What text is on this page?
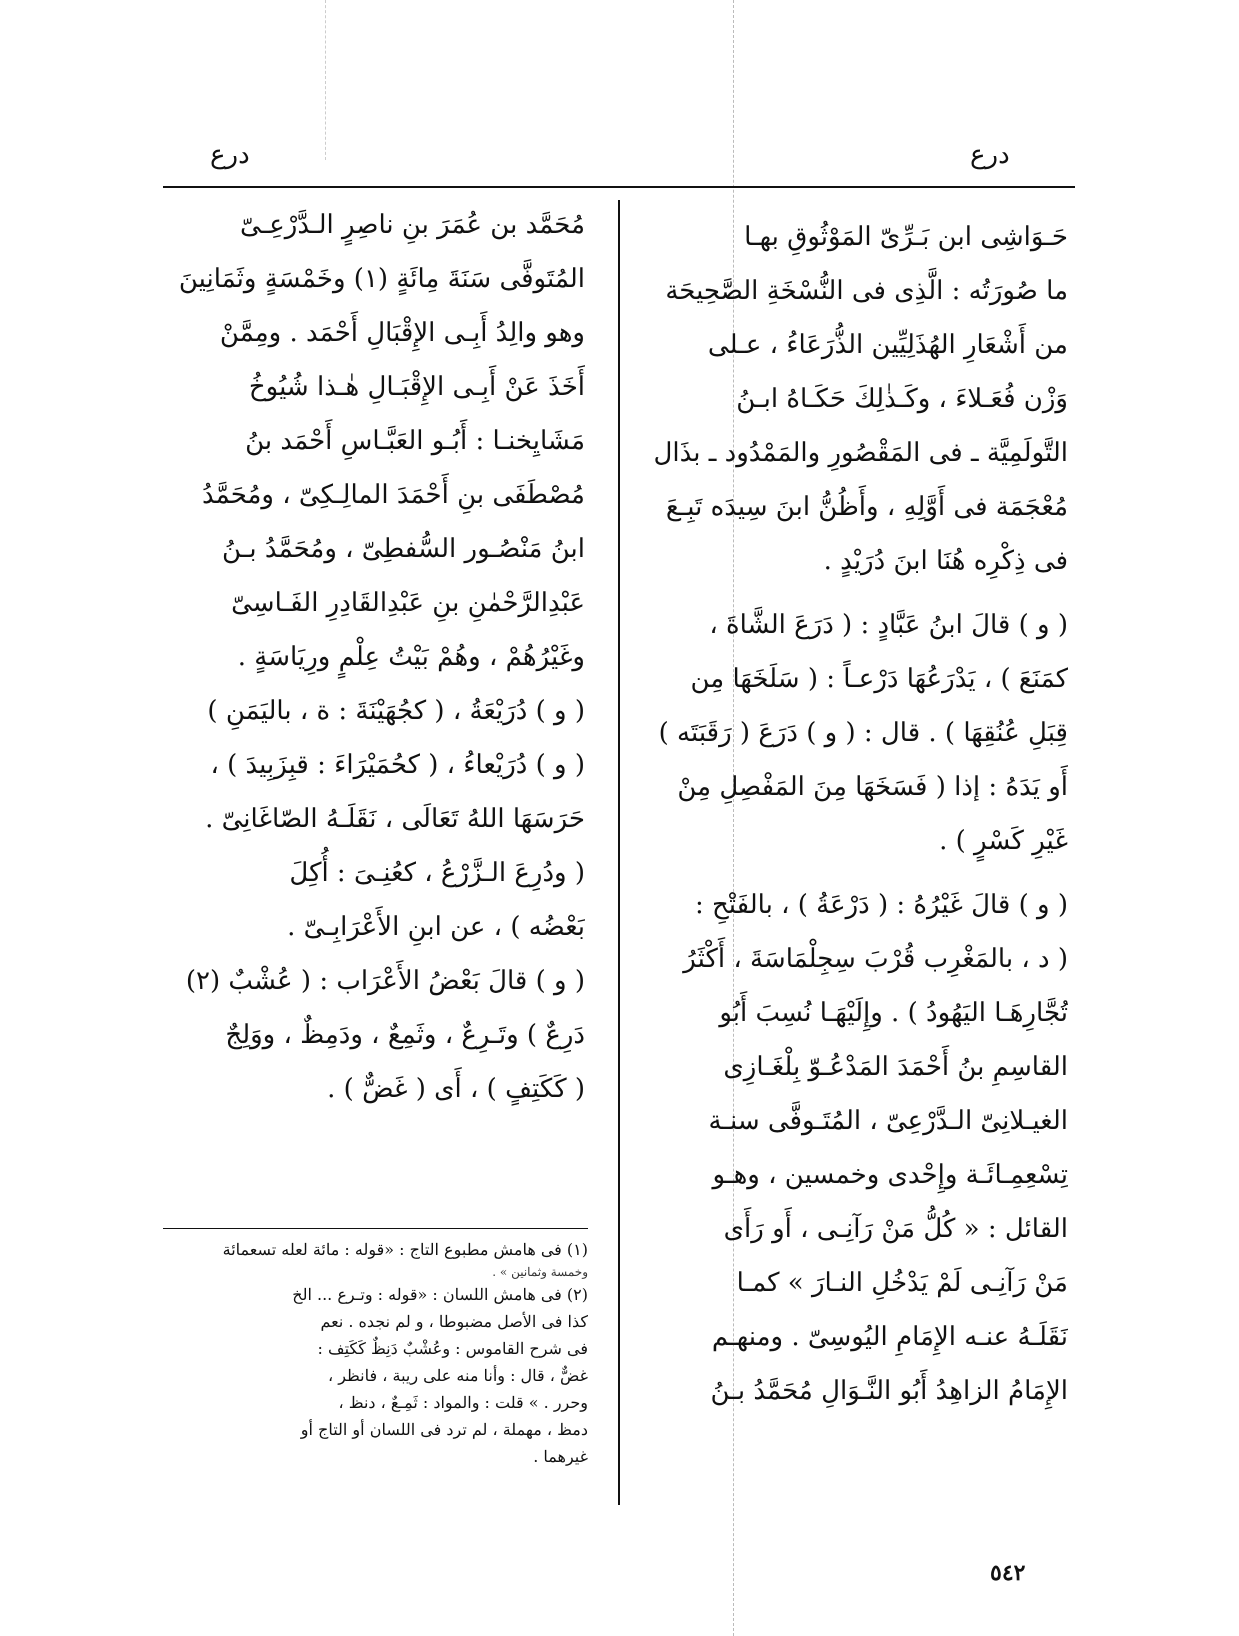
درع	درع
حَـوَاشِى ابن بَـرِّىّ المَوْثُوقِ بهـا
ما صُورَتُه : الَّذِى فى النُّسْخَةِ الصَّحِيحَة
من أَشْعَارِ الهُذَلِيِّين الذُّرَعَاءُ ، عـلى
وَزْن فُعَـلاءَ ، وكَـذٰلِكَ حَكَـاهُ ابـنُ
التَّولَمِيَّة ـ فى المَقْصُورِ والمَمْدُود ـ بذَال
مُعْجَمَة فى أَوَّلِهِ ، وأَظُنُّ ابنَ سِيدَه تَبِـعَ
فى ذِكْرِه هُنَا ابنَ دُرَيْدٍ .
( و ) قالَ ابنُ عَبَّادٍ : ( دَرَعَ الشَّاةَ ،
كمَنَعَ ) ، يَدْرَعُهَا دَرْعـاً : ( سَلَخَهَا مِن
قِبَلِ عُنُقِهَا ) . قال : ( و ) دَرَعَ ( رَقَبَتَه )
أَو يَدَهُ : إذا ( فَسَخَهَا مِنَ المَفْصِلِ مِنْ
غَيْرِ كَسْرٍ ) .
( و ) قالَ غَيْرُهُ : ( دَرْعَةُ ) ، بالفَتْحِ :
( د ، بالمَغْرِب قُرْبَ سِجِلْمَاسَةَ ، أَكْثَرُ
تُجَّارِهَـا اليَهُودُ ) . وإِلَيْهَـا نُسِبَ أَبُو
القاسِمِ بنُ أَحْمَدَ المَدْعُـوّ بِلْغَـازِى
الغيـلانِىّ الـدَّرْعِىّ ، المُتَـوفَّى سنـة
تِسْعِمِـائَـة وإِحْدى وخمسين ، وهـو
القائل : « كُلُّ مَنْ رَآنِـى ، أَو رَأَى
مَنْ رَآنِـى لَمْ يَدْخُلِ النـارَ » كمـا
نَقَلَـهُ عنـه الإِمَامِ اليُوسِىّ . ومنهـم
الإِمَامُ الزاهِدُ أَبُو النَّـوَالِ مُحَمَّدُ بـنُ
مُحَمَّد بن عُمَرَ بنِ ناصِرٍ الـدَّرْعِـىّ
المُتَوفَّى سَنَةَ مِائَةٍ (١) وخَمْسَةٍ وثَمَانِينَ
وهو والِدُ أَبِـى الإِقْبَالِ أَحْمَد . ومِمَّنْ
أَخَذَ عَنْ أَبِـى الإِقْبَـالِ هٰـذا شُيُوخُ
مَشَايِخنـا : أَبُـو العَبَّـاسِ أَحْمَد بنُ
مُصْطَفَى بنِ أَحْمَدَ المالِـكِىّ ، ومُحَمَّدُ
ابنُ مَنْصُـور السُّفطِىّ ، ومُحَمَّدُ بـنُ
عَبْدِالرَّحْمٰنِ بنِ عَبْدِالقَادِرِ الفَـاسِىّ
وغَيْرُهُمْ ، وهُمْ بَيْتُ عِلْمٍ ورِيَاسَةٍ .
( و ) دُرَيْعَةُ ، ( كجُهَيْنَةَ : ة ، باليَمَنِ )
( و ) دُرَيْعاءُ ، ( كحُمَيْرَاءَ : قبِزَبِيدَ ) ،
حَرَسَهَا اللهُ تَعَالَى ، نَقَلَـهُ الصّاغَانِىّ .
( ودُرِعَ الـزَّرْعُ ، كعُنِـىَ : أُكِلَ
بَعْضُه ) ، عن ابنِ الأَعْرَابِـىّ .
( و ) قالَ بَعْضُ الأَعْرَاب : ( عُشْبٌ (٢)
دَرِعٌ ) وتَـرِعٌ ، وثَمِعٌ ، ودَمِظٌ ، ووَلِجٌ
( كَكَتِفٍ ) ، أَى ( غَضٌّ ) .
(١) فى هامش مطبوع التاج : «قوله : مائة لعله تسعمائة
وخمسة وثمانين » .
(٢) فى هامش اللسان : «قوله : وتـرع ... الخ
كذا فى الأصل مضبوطا ، و لم نجده . نعم
فى شرح القاموس : وعُشْبٌ دَنِظٌ كَكَتِف :
غضٌّ ، قال : وأنا منه على ريبة ، فانظر ،
وحرر . » قلت : والمواد : ثَمِـعٌ ، دنظ ،
دمظ ، مهملة ، لم ترد فى اللسان أو التاج أو
غيرهما .
٥٤٢
